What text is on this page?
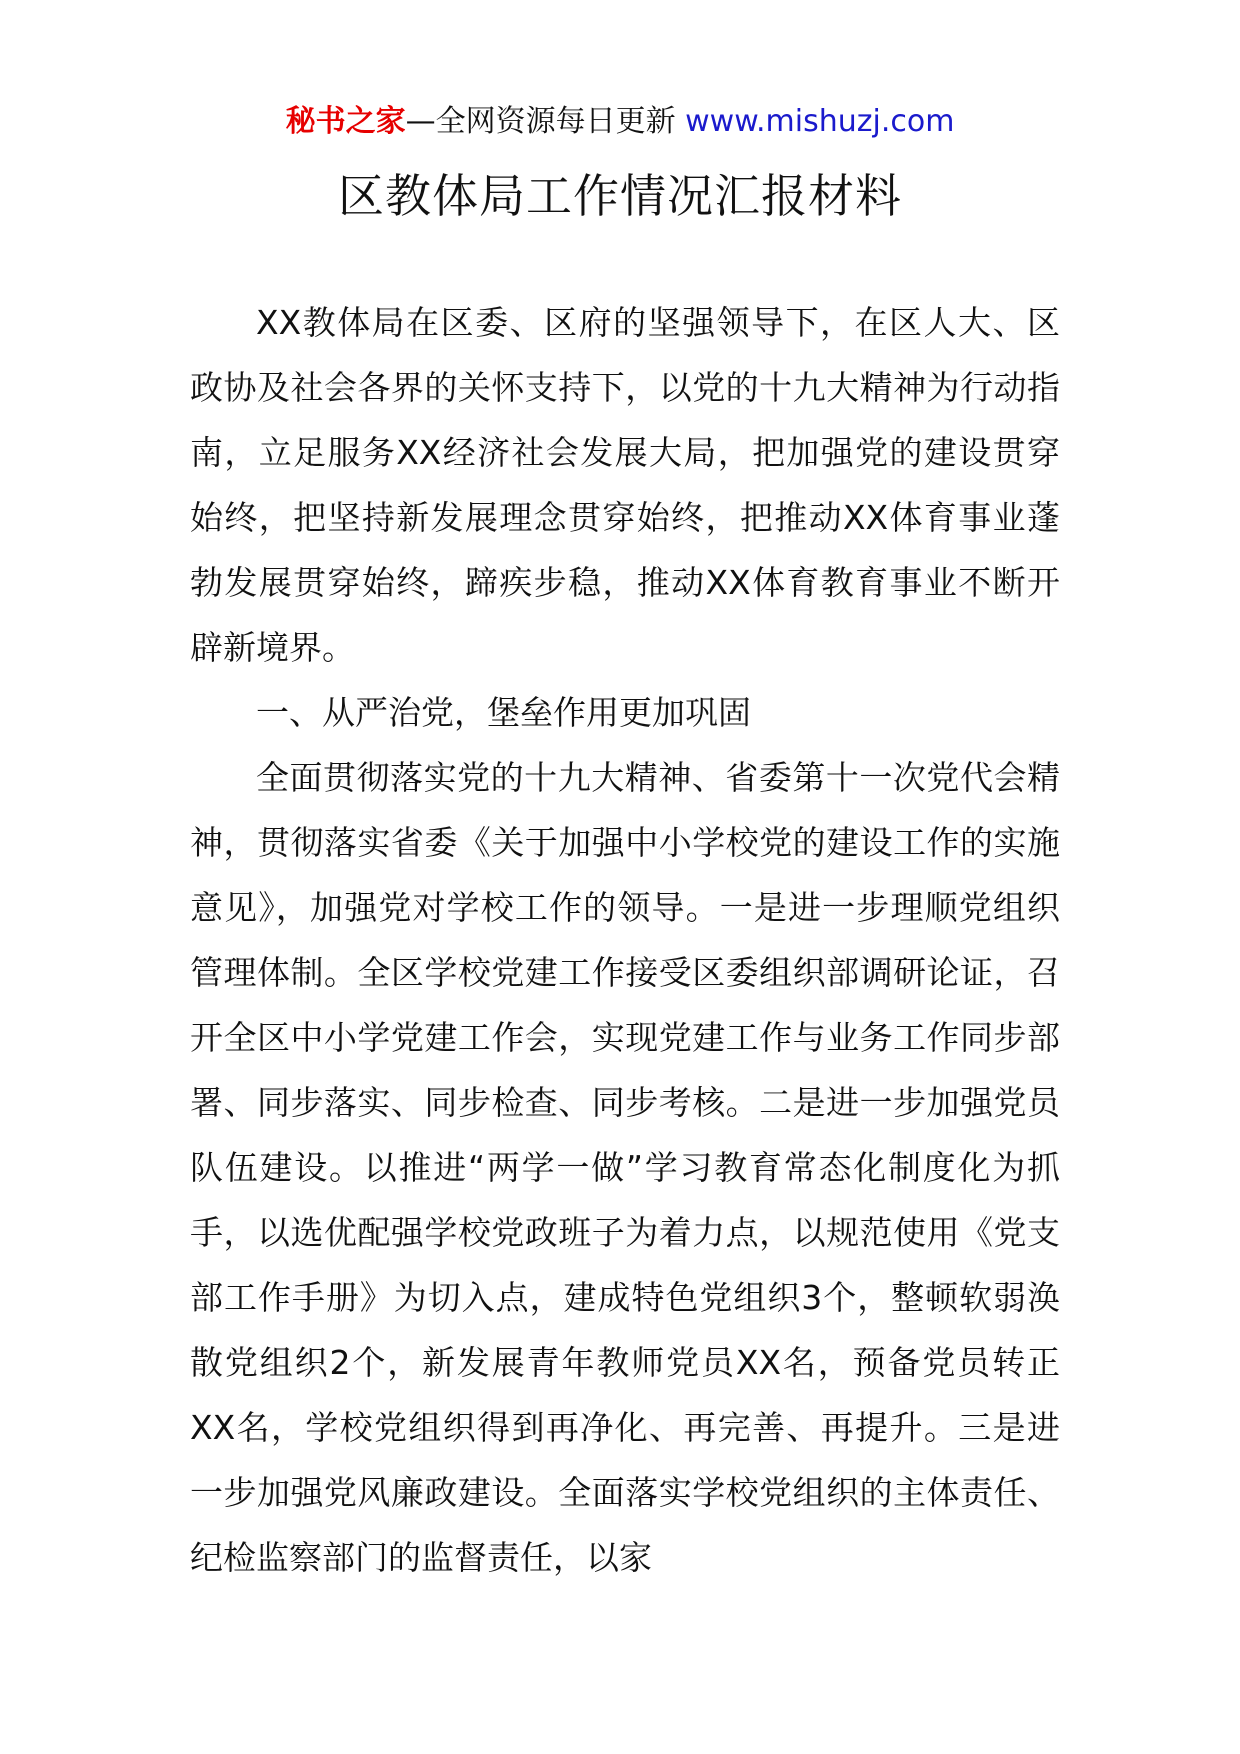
秘书之家—全网资源每日更新 www.mishuzj.com
区教体局工作情况汇报材料

XX教体局在区委、区府的坚强领导下，在区人大、区政协及社会各界的关怀支持下，以党的十九大精神为行动指南，立足服务XX经济社会发展大局，把加强党的建设贯穿始终，把坚持新发展理念贯穿始终，把推动XX体育事业蓬勃发展贯穿始终，蹄疾步稳，推动XX体育教育事业不断开辟新境界。

一、从严治党，堡垒作用更加巩固

全面贯彻落实党的十九大精神、省委第十一次党代会精神，贯彻落实省委《关于加强中小学校党的建设工作的实施意见》，加强党对学校工作的领导。一是进一步理顺党组织管理体制。全区学校党建工作接受区委组织部调研论证，召开全区中小学党建工作会，实现党建工作与业务工作同步部署、同步落实、同步检查、同步考核。二是进一步加强党员队伍建设。以推进“两学一做”学习教育常态化制度化为抓手，以选优配强学校党政班子为着力点，以规范使用《党支部工作手册》为切入点，建成特色党组织3个，整顿软弱涣散党组织2个，新发展青年教师党员XX名，预备党员转正XX名，学校党组织得到再净化、再完善、再提升。三是进一步加强党风廉政建设。全面落实学校党组织的主体责任、纪检监察部门的监督责任，以家
